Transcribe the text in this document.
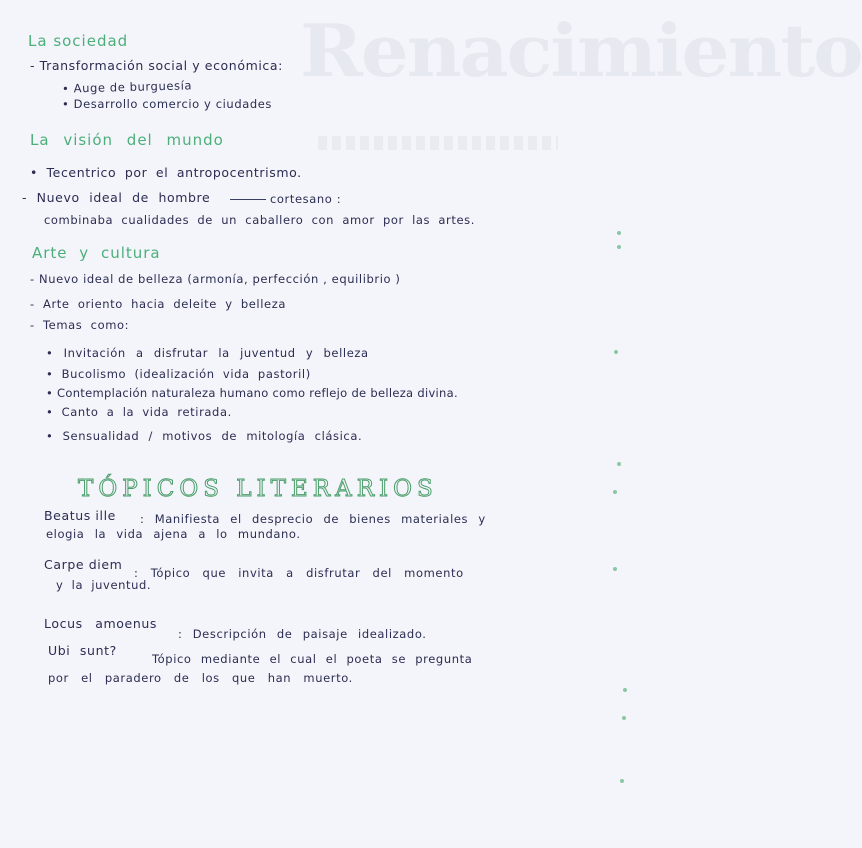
Renacimiento
La sociedad
- Transformación social y económica:
• Auge de burguesía
• Desarrollo comercio y ciudades
La visión del mundo
• Tecentrico por el antropocentrismo.
- Nuevo ideal de hombre	cortesano :
combinaba cualidades de un caballero con amor por las artes.
Arte y cultura
- Nuevo ideal de belleza (armonía, perfección , equilibrio )
- Arte oriento hacia deleite y belleza
- Temas como:
• Invitación a disfrutar la juventud y belleza
• Bucolismo (idealización vida pastoril)
• Contemplación naturaleza humano como reflejo de belleza divina.
• Canto a la vida retirada.
• Sensualidad / motivos de mitología clásica.
TÓPICOS LITERARIOS
Beatus ille : Manifiesta el desprecio de bienes materiales y
elogia la vida ajena a lo mundano.
Carpe diem
: Tópico que invita a disfrutar del momento
y la juventud.
Locus amoenus
: Descripción de paisaje idealizado.
Ubi sunt?
Tópico mediante el cual el poeta se pregunta
por el paradero de los que han muerto.
